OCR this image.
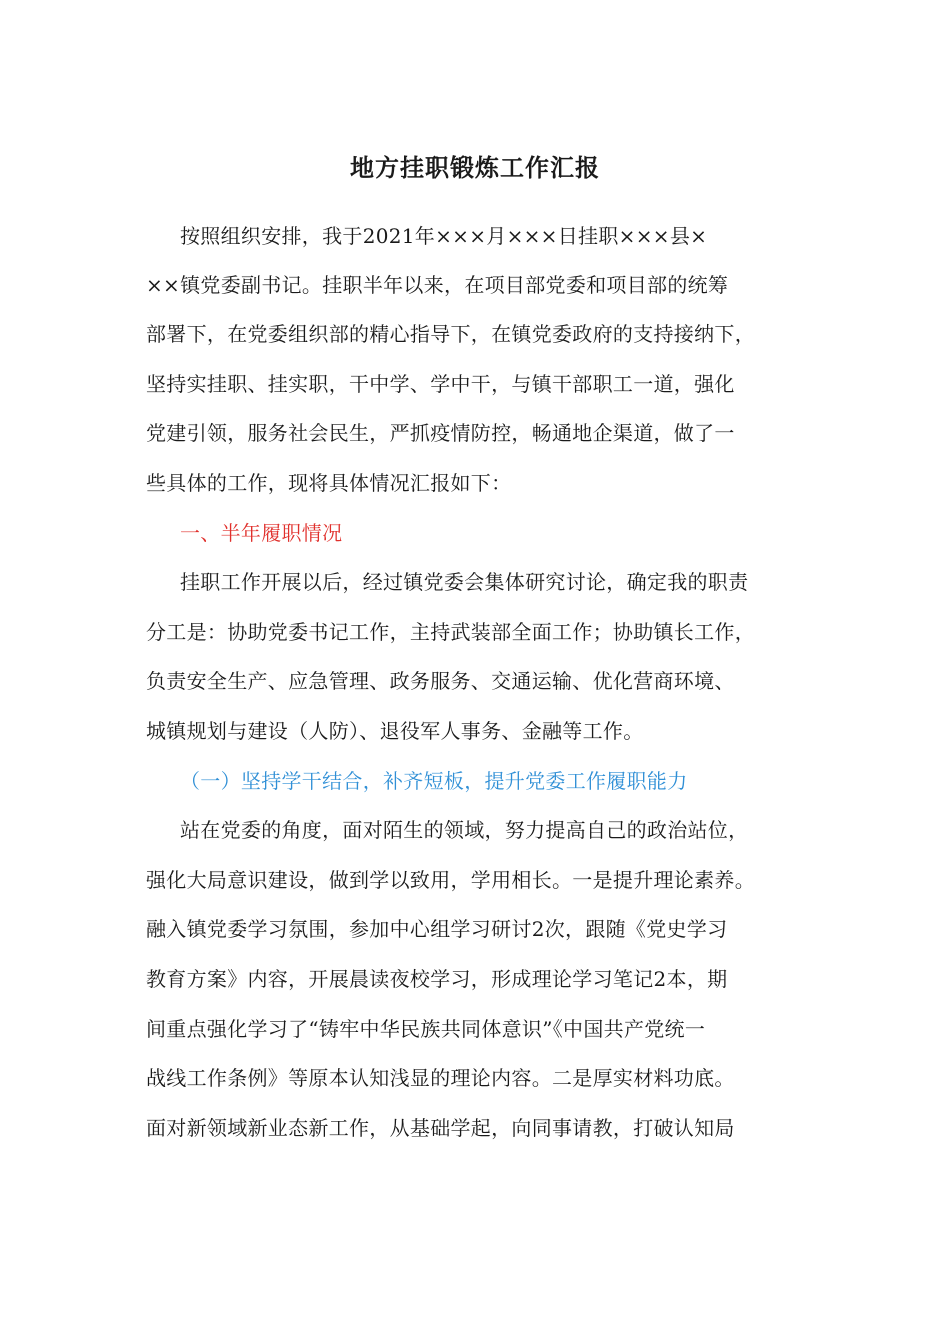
地方挂职锻炼工作汇报
按照组织安排，我于2021年×××月×××日挂职×××县×
××镇党委副书记。挂职半年以来，在项目部党委和项目部的统筹
部署下，在党委组织部的精心指导下，在镇党委政府的支持接纳下，
坚持实挂职、挂实职，干中学、学中干，与镇干部职工一道，强化
党建引领，服务社会民生，严抓疫情防控，畅通地企渠道，做了一
些具体的工作，现将具体情况汇报如下：
一、半年履职情况
挂职工作开展以后，经过镇党委会集体研究讨论，确定我的职责
分工是：协助党委书记工作，主持武装部全面工作；协助镇长工作，
负责安全生产、应急管理、政务服务、交通运输、优化营商环境、
城镇规划与建设（人防）、退役军人事务、金融等工作。
（一）坚持学干结合，补齐短板，提升党委工作履职能力
站在党委的角度，面对陌生的领域，努力提高自己的政治站位，
强化大局意识建设，做到学以致用，学用相长。一是提升理论素养。
融入镇党委学习氛围，参加中心组学习研讨2次，跟随《党史学习
教育方案》内容，开展晨读夜校学习，形成理论学习笔记2本，期
间重点强化学习了“铸牢中华民族共同体意识”《中国共产党统一
战线工作条例》等原本认知浅显的理论内容。二是厚实材料功底。
面对新领域新业态新工作，从基础学起，向同事请教，打破认知局
